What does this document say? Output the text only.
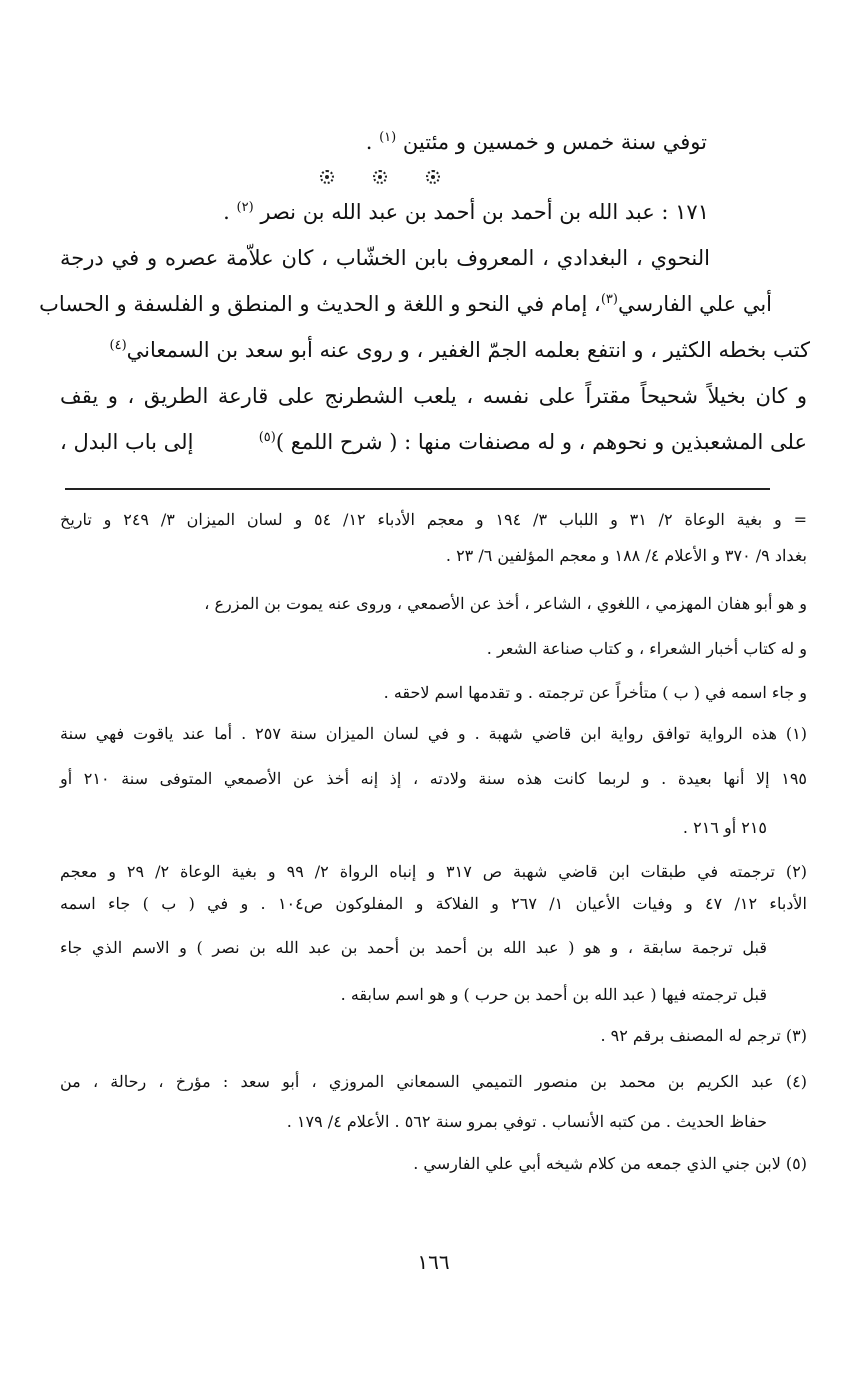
توفي سنة خمس و خمسين و مئتين $^{(١)}$ .
١٧١ : عبد الله بن أحمد بن أحمد بن عبد الله بن نصر $^{(٢)}$ .
النحوي ، البغدادي ، المعروف بابن الخشّاب ، كان علاّمة عصره و في درجة
أبي علي الفارسي$^{(٣)}$
، إمام في النحو و اللغة و الحديث و المنطق و الفلسفة و الحساب
كتب بخطه الكثير ، و انتفع بعلمه الجمّ الغفير ، و روى عنه أبو سعد بن السمعاني$^{(٤)}$
و كان بخيلاً شحيحاً مقتراً على نفسه ، يلعب الشطرنج على قارعة الطريق ، و يقف
على المشعبذين و نحوهم ، و له مصنفات منها : ( شرح اللمع )$^{(٥)}$
إلى باب البدل ،
= و بغية الوعاة ٢/ ٣١ و اللباب ٣/ ١٩٤ و معجم الأدباء ١٢/ ٥٤ و لسان الميزان ٣/ ٢٤٩ و تاريخ
بغداد ٩/ ٣٧٠ و الأعلام ٤/ ١٨٨ و معجم المؤلفين ٦/ ٢٣ .
و هو أبو هفان المهزمي ، اللغوي ، الشاعر ، أخذ عن الأصمعي ، وروى عنه يموت بن المزرع ،
و له كتاب أخبار الشعراء ، و كتاب صناعة الشعر .
و جاء اسمه في ( ب ) متأخراً عن ترجمته . و تقدمها اسم لاحقه .
(١) هذه الرواية توافق رواية ابن قاضي شهبة . و في لسان الميزان سنة ٢٥٧ . أما عند ياقوت فهي سنة
١٩٥ إلا أنها بعيدة . و لربما كانت هذه سنة ولادته ، إذ إنه أخذ عن الأصمعي المتوفى سنة ٢١٠ أو
٢١٥ أو ٢١٦ .
(٢) ترجمته في طبقات ابن قاضي شهبة ص ٣١٧ و إنباه الرواة ٢/ ٩٩ و بغية الوعاة ٢/ ٢٩ و معجم
الأدباء ١٢/ ٤٧ و وفيات الأعيان ١/ ٢٦٧ و الفلاكة و المفلوكون ص١٠٤ . و في ( ب ) جاء اسمه
قبل ترجمة سابقة ، و هو ( عبد الله بن أحمد بن أحمد بن عبد الله بن نصر ) و الاسم الذي جاء
قبل ترجمته فيها ( عبد الله بن أحمد بن حرب ) و هو اسم سابقه .
(٣) ترجم له المصنف برقم ٩٢ .
(٤) عبد الكريم بن محمد بن منصور التميمي السمعاني المروزي ، أبو سعد : مؤرخ ، رحالة ، من
حفاظ الحديث . من كتبه الأنساب . توفي بمرو سنة ٥٦٢ . الأعلام ٤/ ١٧٩ .
(٥) لابن جني الذي جمعه من كلام شيخه أبي علي الفارسي .
١٦٦
